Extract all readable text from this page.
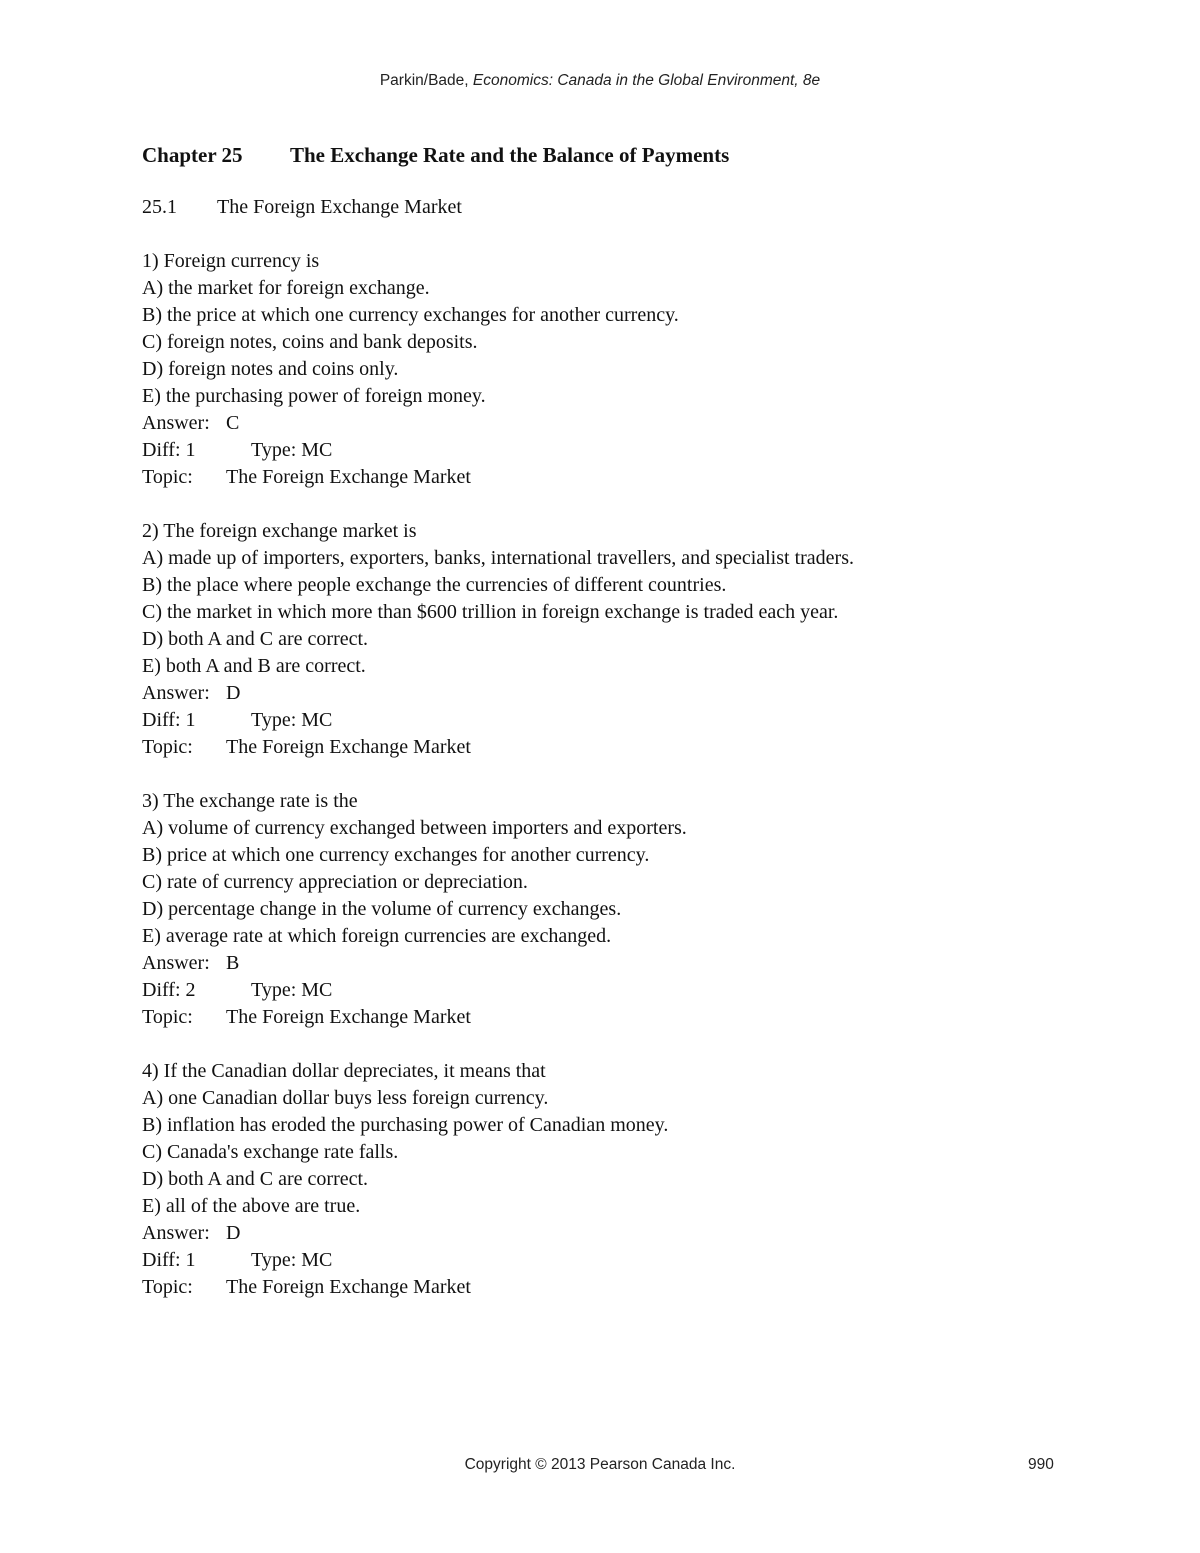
Parkin/Bade, Economics: Canada in the Global Environment, 8e
Chapter 25 The Exchange Rate and the Balance of Payments
25.1 The Foreign Exchange Market
1) Foreign currency is
A) the market for foreign exchange.
B) the price at which one currency exchanges for another currency.
C) foreign notes, coins and bank deposits.
D) foreign notes and coins only.
E) the purchasing power of foreign money.
Answer: C
Diff: 1	Type: MC
Topic: The Foreign Exchange Market
2) The foreign exchange market is
A) made up of importers, exporters, banks, international travellers, and specialist traders.
B) the place where people exchange the currencies of different countries.
C) the market in which more than $600 trillion in foreign exchange is traded each year.
D) both A and C are correct.
E) both A and B are correct.
Answer: D
Diff: 1	Type: MC
Topic: The Foreign Exchange Market
3) The exchange rate is the
A) volume of currency exchanged between importers and exporters.
B) price at which one currency exchanges for another currency.
C) rate of currency appreciation or depreciation.
D) percentage change in the volume of currency exchanges.
E) average rate at which foreign currencies are exchanged.
Answer: B
Diff: 2	Type: MC
Topic: The Foreign Exchange Market
4) If the Canadian dollar depreciates, it means that
A) one Canadian dollar buys less foreign currency.
B) inflation has eroded the purchasing power of Canadian money.
C) Canada's exchange rate falls.
D) both A and C are correct.
E) all of the above are true.
Answer: D
Diff: 1	Type: MC
Topic: The Foreign Exchange Market
Copyright © 2013 Pearson Canada Inc.	990
